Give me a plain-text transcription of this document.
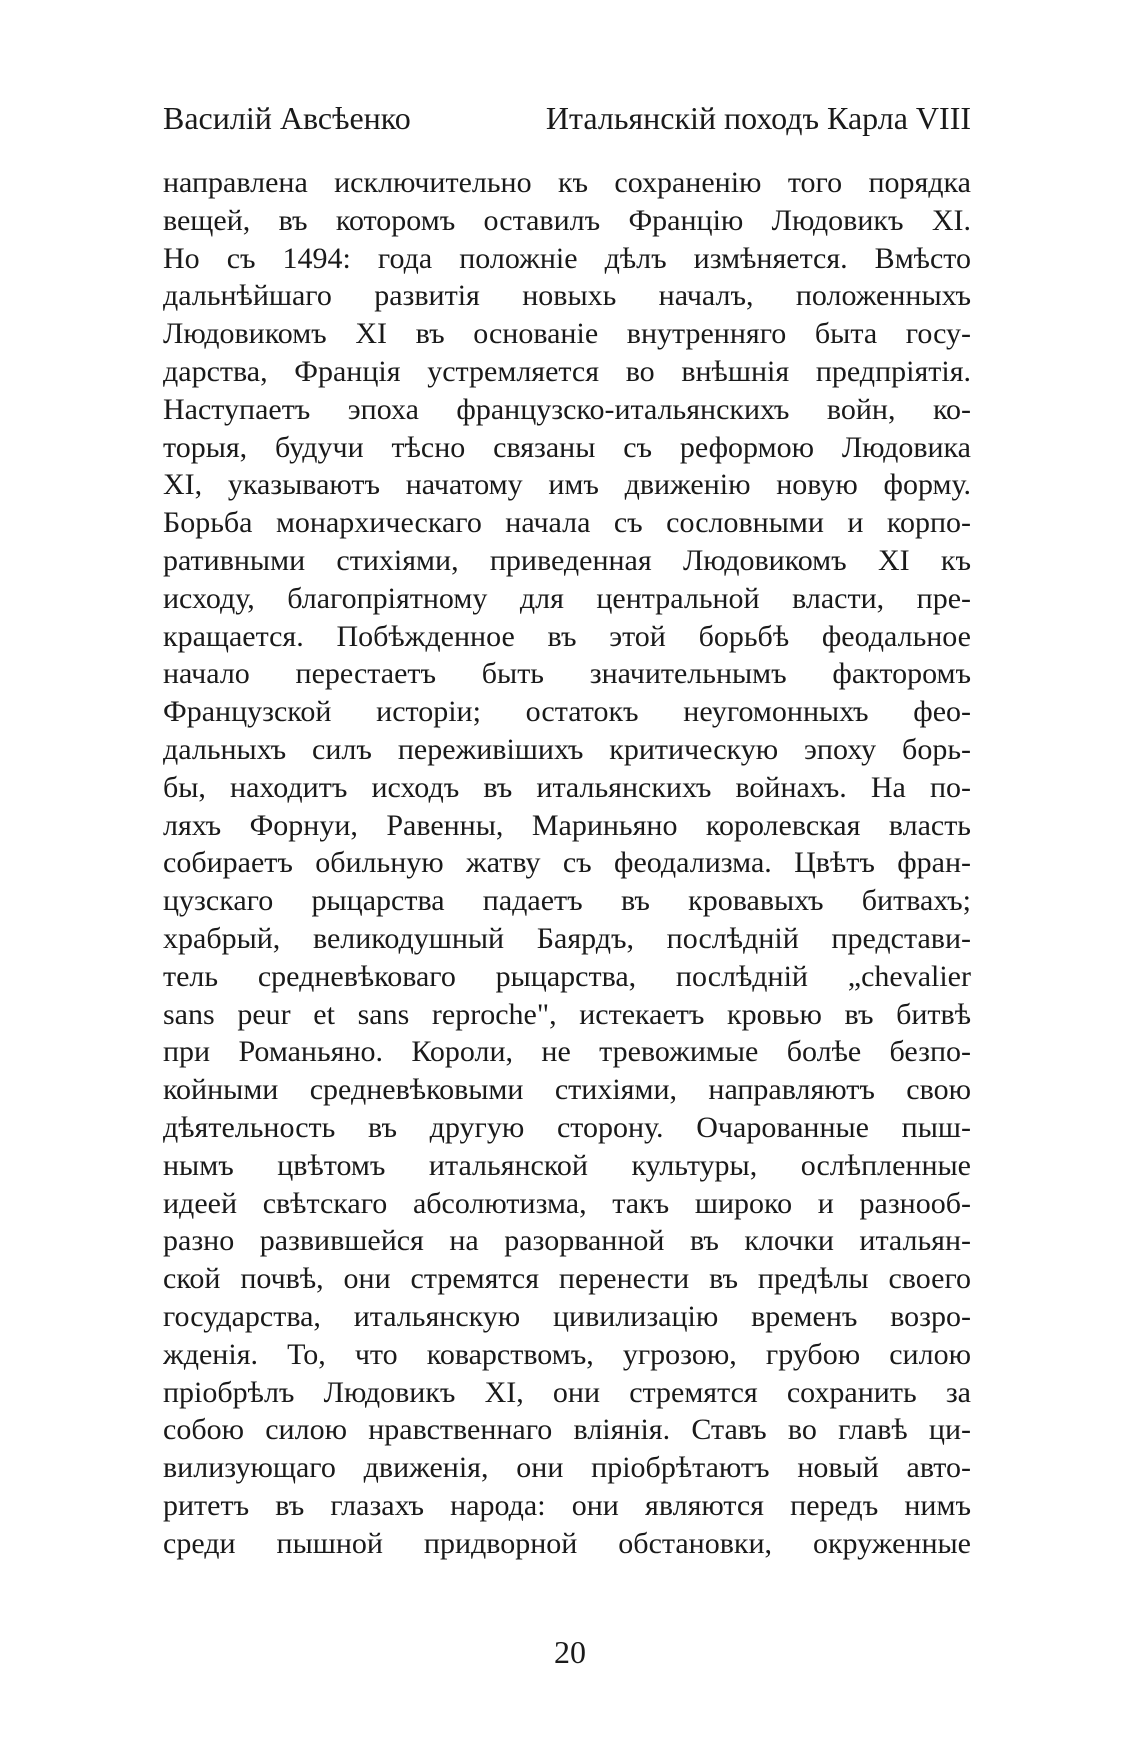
Василій Авсѣенко	Итальянскій походъ Карла VIII
направлена исключительно къ сохраненію того порядка
вещей, въ которомъ оставилъ Францію Людовикъ XI.
Но съ 1494: года положніе дѣлъ измѣняется. Вмѣсто
дальнѣйшаго развитія новыхь началъ, положенныхъ
Людовикомъ XI въ основаніе внутренняго быта госу-
дарства, Франція устремляется во внѣшнія предпріятія.
Наступаетъ эпоха французско-итальянскихъ войн, ко-
торыя, будучи тѣсно связаны съ реформою Людовика
XI, указываютъ начатому имъ движенію новую форму.
Борьба монархическаго начала съ сословными и корпо-
ративными стихіями, приведенная Людовикомъ XI къ
исходу, благопріятному для центральной власти, пре-
кращается. Побѣжденное въ этой борьбѣ феодальное
начало перестаетъ быть значительнымъ факторомъ
Французской исторіи; остатокъ неугомонныхъ фео-
дальныхъ силъ переживішихъ критическую эпоху борь-
бы, находитъ исходъ въ итальянскихъ войнахъ. На по-
ляхъ Форнуи, Равенны, Мариньяно королевская власть
собираетъ обильную жатву съ феодализма. Цвѣтъ фран-
цузскаго рыцарства падаетъ въ кровавыхъ битвахъ;
храбрый, великодушный Баярдъ, послѣдній представи-
тель средневѣковаго рыцарства, послѣдній „chevalier
sans peur et sans reproche", истекаетъ кровью въ битвѣ
при Романьяно. Короли, не тревожимые болѣе безпо-
койными средневѣковыми стихіями, направляютъ свою
дѣятельность въ другую сторону. Очарованные пыш-
нымъ цвѣтомъ итальянской культуры, ослѣпленные
идеей свѣтскаго абсолютизма, такъ широко и разнооб-
разно развившейся на разорванной въ клочки итальян-
ской почвѣ, они стремятся перенести въ предѣлы своего
государства, итальянскую цивилизацію временъ возро-
жденія. То, что коварствомъ, угрозою, грубою силою
пріобрѣлъ Людовикъ XI, они стремятся сохранить за
собою силою нравственнаго вліянія. Ставъ во главѣ ци-
вилизующаго движенія, они пріобрѣтаютъ новый авто-
ритетъ въ глазахъ народа: они являются передъ нимъ
среди пышной придворной обстановки, окруженные
20
